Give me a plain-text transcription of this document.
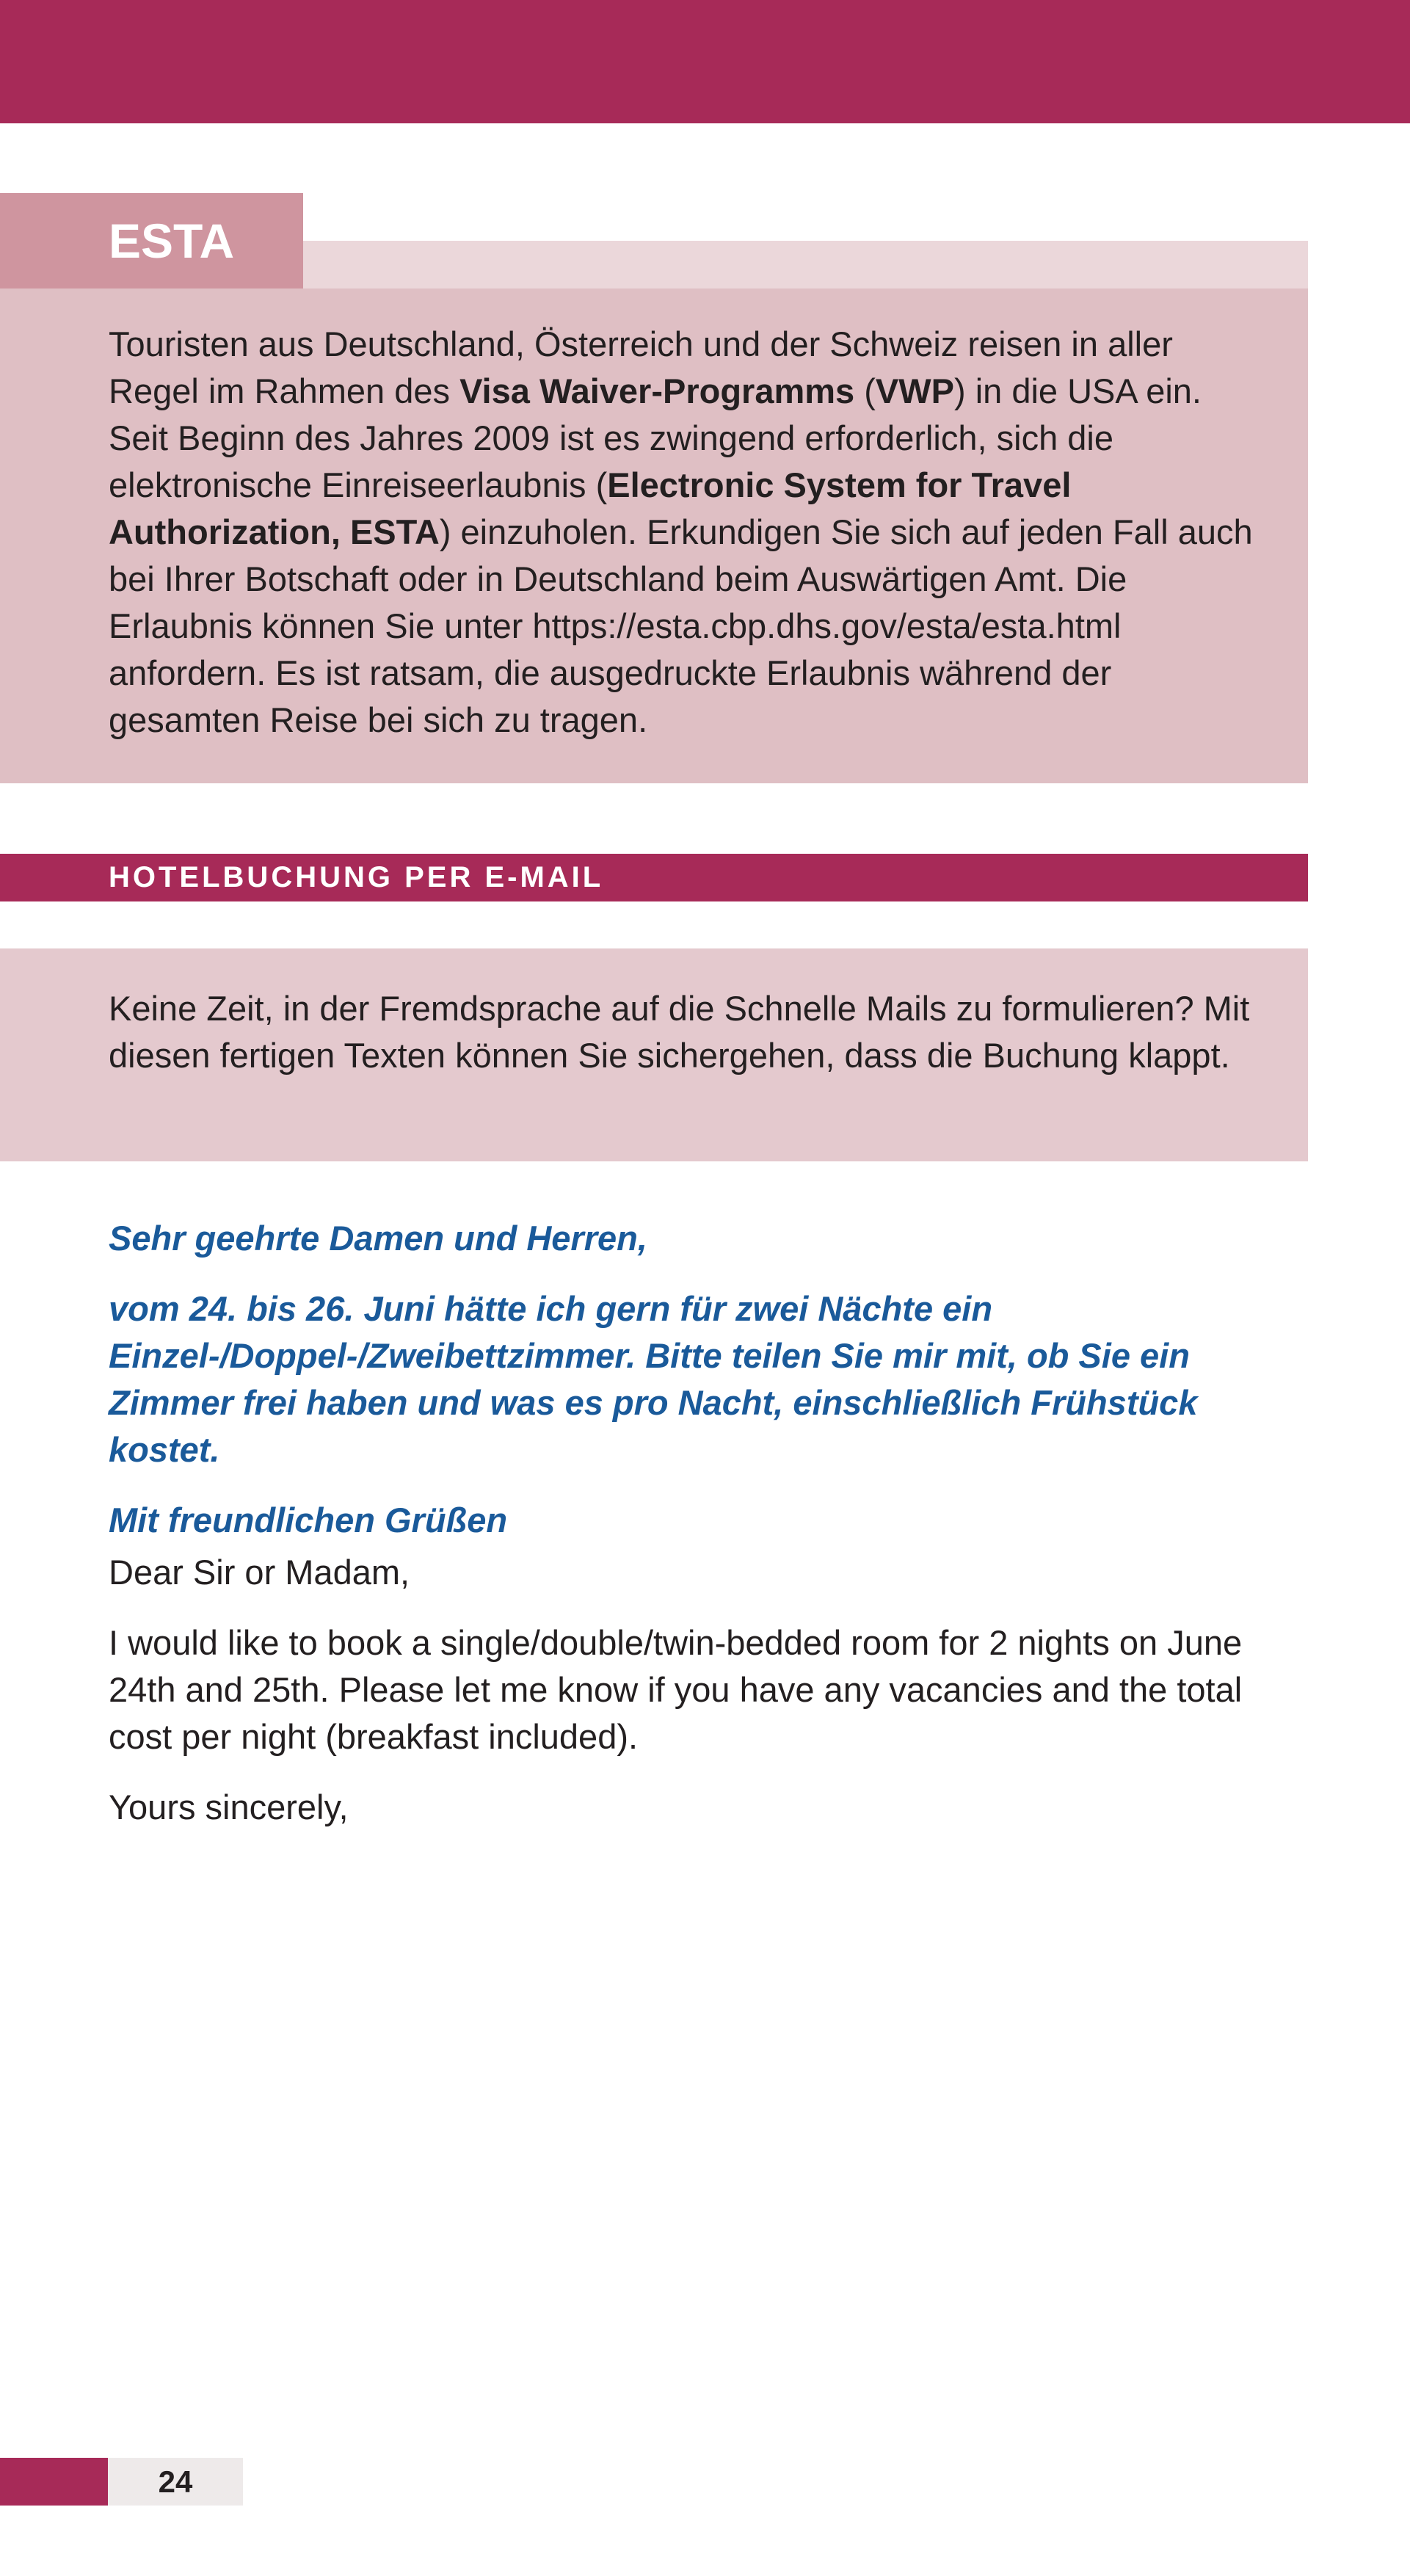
ESTA

Touristen aus Deutschland, Österreich und der Schweiz reisen in aller Regel im Rahmen des Visa Waiver-Programms (VWP) in die USA ein. Seit Beginn des Jahres 2009 ist es zwingend erforderlich, sich die elektronische Einreiseerlaubnis (Electronic System for Travel Authorization, ESTA) einzuholen. Erkundigen Sie sich auf jeden Fall auch bei Ihrer Botschaft oder in Deutschland beim Auswärtigen Amt. Die Erlaubnis können Sie unter https://esta.cbp.dhs.gov/esta/esta.html anfordern. Es ist ratsam, die ausgedruckte Erlaubnis während der gesamten Reise bei sich zu tragen.

HOTELBUCHUNG PER E-MAIL

Keine Zeit, in der Fremdsprache auf die Schnelle Mails zu formulieren? Mit diesen fertigen Texten können Sie sichergehen, dass die Buchung klappt.

Sehr geehrte Damen und Herren,

vom 24. bis 26. Juni hätte ich gern für zwei Nächte ein Einzel-/Doppel-/Zweibettzimmer. Bitte teilen Sie mir mit, ob Sie ein Zimmer frei haben und was es pro Nacht, einschließlich Frühstück kostet.

Mit freundlichen Grüßen

Dear Sir or Madam,

I would like to book a single/double/twin-bedded room for 2 nights on June 24th and 25th. Please let me know if you have any vacancies and the total cost per night (breakfast included).

Yours sincerely,

24
